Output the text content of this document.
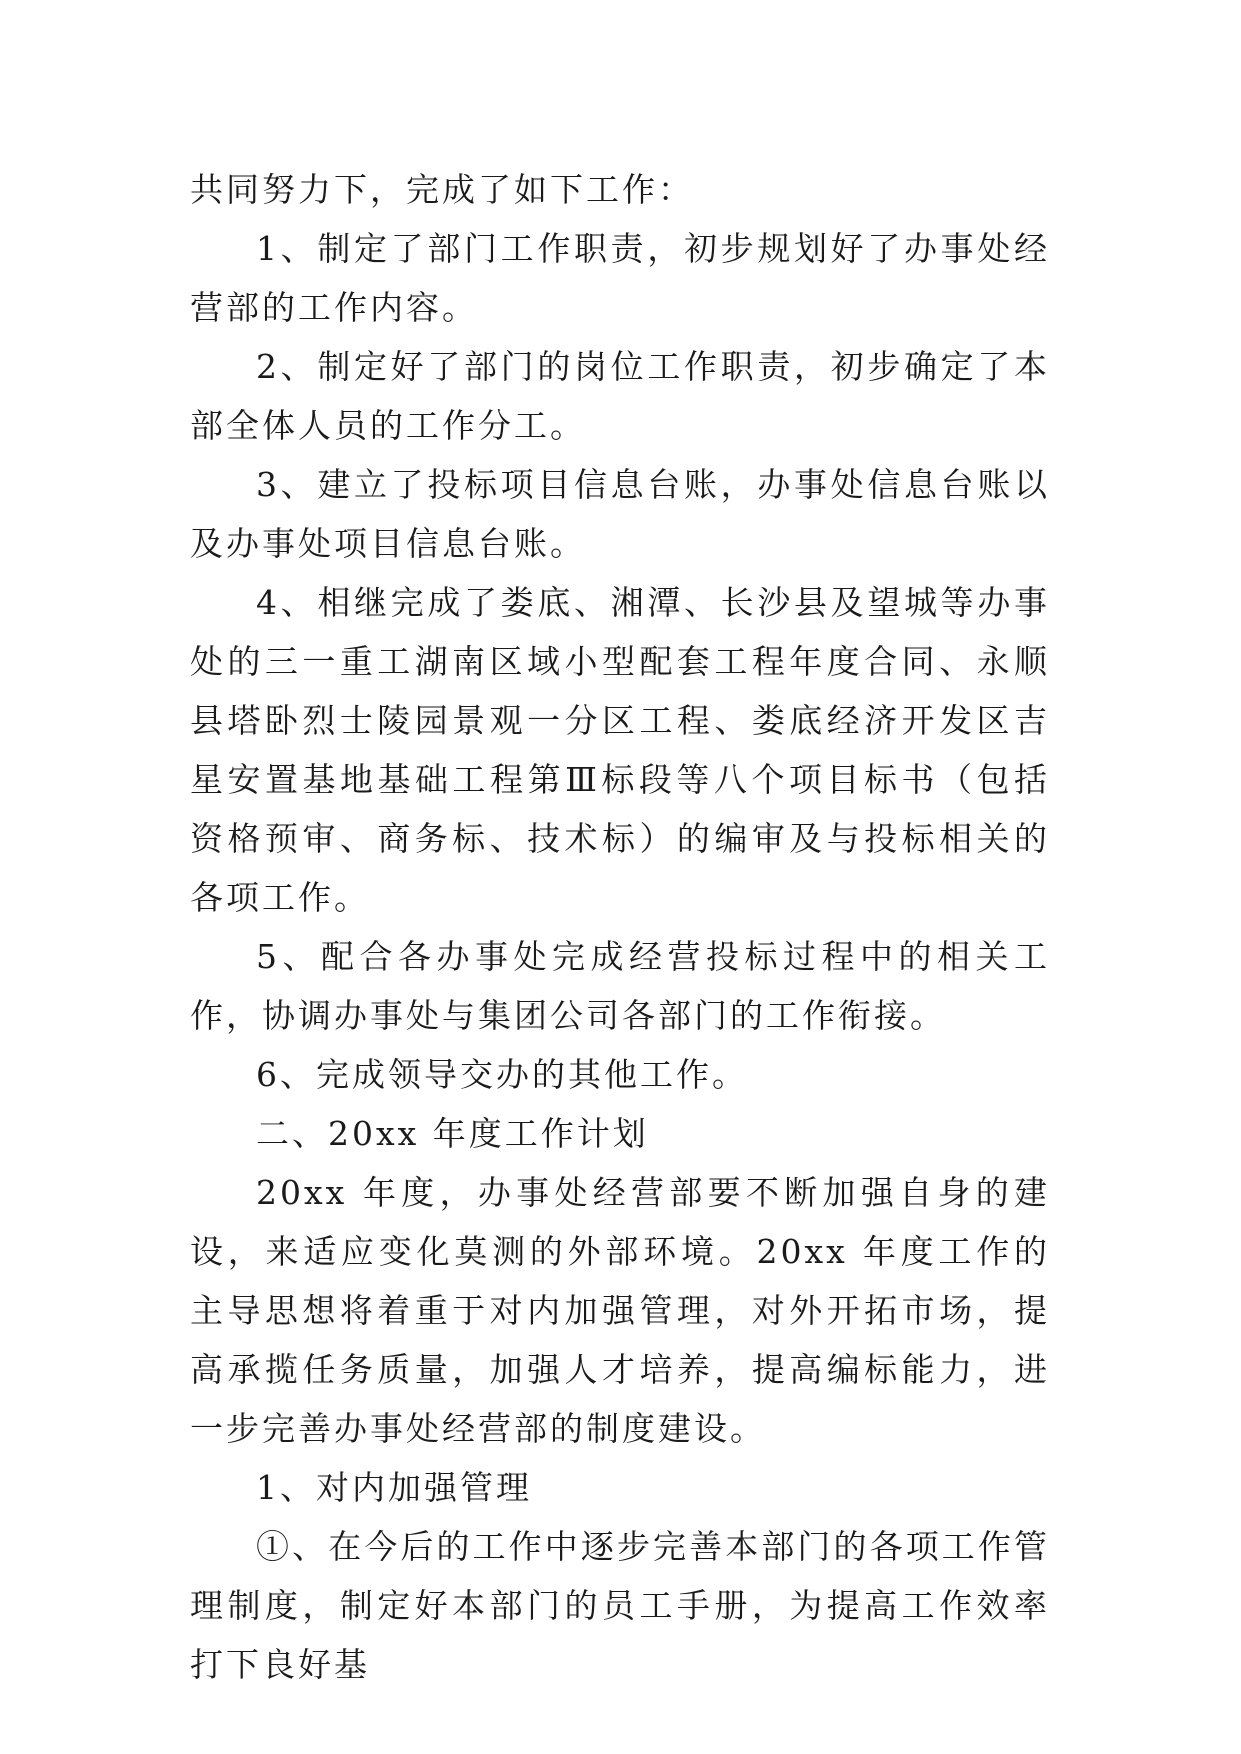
共同努力下，完成了如下工作：

1、制定了部门工作职责，初步规划好了办事处经营部的工作内容。

2、制定好了部门的岗位工作职责，初步确定了本部全体人员的工作分工。

3、建立了投标项目信息台账，办事处信息台账以及办事处项目信息台账。

4、相继完成了娄底、湘潭、长沙县及望城等办事处的三一重工湖南区域小型配套工程年度合同、永顺县塔卧烈士陵园景观一分区工程、娄底经济开发区吉星安置基地基础工程第Ⅲ标段等八个项目标书（包括资格预审、商务标、技术标）的编审及与投标相关的各项工作。

5、配合各办事处完成经营投标过程中的相关工作，协调办事处与集团公司各部门的工作衔接。

6、完成领导交办的其他工作。

二、20xx 年度工作计划

20xx 年度，办事处经营部要不断加强自身的建设，来适应变化莫测的外部环境。20xx 年度工作的主导思想将着重于对内加强管理，对外开拓市场，提高承揽任务质量，加强人才培养，提高编标能力，进一步完善办事处经营部的制度建设。

1、对内加强管理

①、在今后的工作中逐步完善本部门的各项工作管理制度，制定好本部门的员工手册，为提高工作效率打下良好基
